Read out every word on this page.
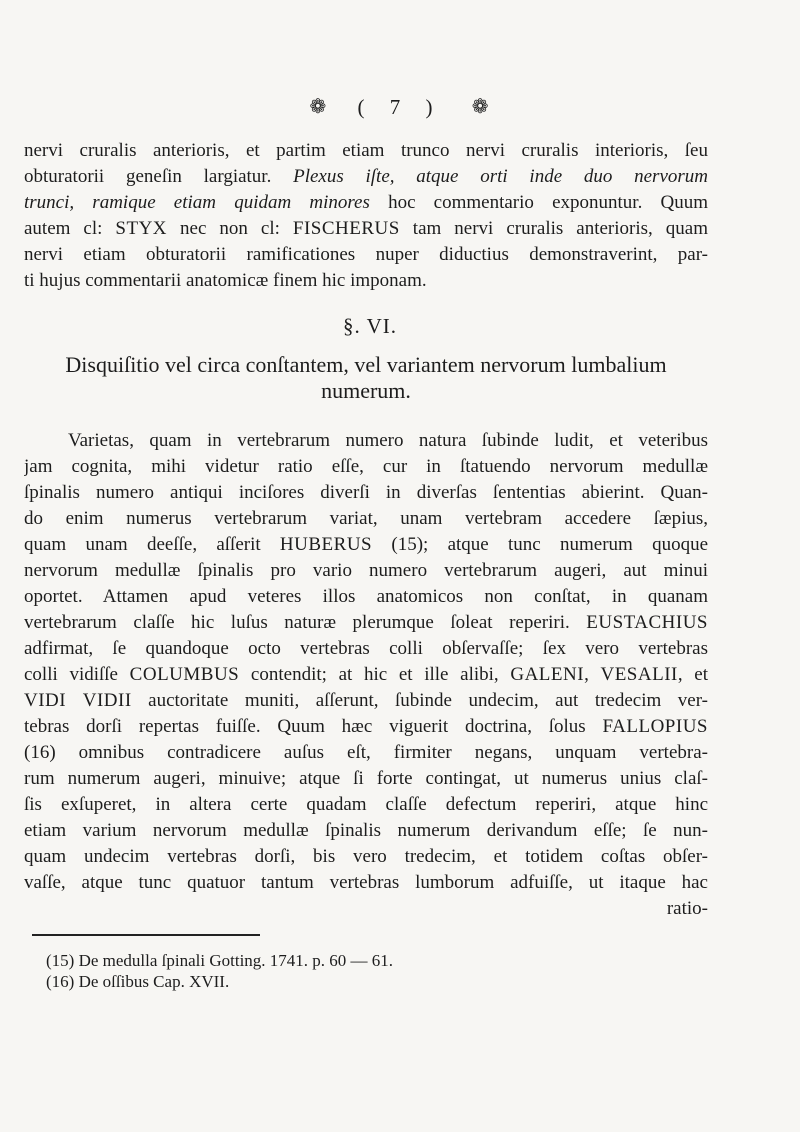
❁ ( 7 ) ❁
nervi cruralis anterioris, et partim etiam trunco nervi cruralis interioris, ſeu
obturatorii geneſin largiatur. Plexus iſte, atque orti inde duo nervorum
trunci, ramique etiam quidam minores hoc commentario exponuntur. Quum
autem cl: STYX nec non cl: FISCHERUS tam nervi cruralis anterioris, quam
nervi etiam obturatorii ramificationes nuper diductius demonstraverint, par-
ti hujus commentarii anatomicæ finem hic imponam.
§. VI.
Disquiſitio vel circa conſtantem, vel variantem nervorum lumbalium
numerum.
Varietas, quam in vertebrarum numero natura ſubinde ludit, et veteribus
jam cognita, mihi videtur ratio eſſe, cur in ſtatuendo nervorum medullæ
ſpinalis numero antiqui inciſores diverſi in diverſas ſententias abierint. Quan-
do enim numerus vertebrarum variat, unam vertebram accedere ſæpius,
quam unam deeſſe, aſſerit HUBERUS (15); atque tunc numerum quoque
nervorum medullæ ſpinalis pro vario numero vertebrarum augeri, aut minui
oportet. Attamen apud veteres illos anatomicos non conſtat, in quanam
vertebrarum claſſe hic luſus naturæ plerumque ſoleat reperiri. EUSTACHIUS
adfirmat, ſe quandoque octo vertebras colli obſervaſſe; ſex vero vertebras
colli vidiſſe COLUMBUS contendit; at hic et ille alibi, GALENI, VESALII, et
VIDI VIDII auctoritate muniti, aſſerunt, ſubinde undecim, aut tredecim ver-
tebras dorſi repertas fuiſſe. Quum hæc viguerit doctrina, ſolus FALLOPIUS
(16) omnibus contradicere auſus eſt, firmiter negans, unquam vertebra-
rum numerum augeri, minuive; atque ſi forte contingat, ut numerus unius claſ-
ſis exſuperet, in altera certe quadam claſſe defectum reperiri, atque hinc
etiam varium nervorum medullæ ſpinalis numerum derivandum eſſe; ſe nun-
quam undecim vertebras dorſi, bis vero tredecim, et totidem coſtas obſer-
vaſſe, atque tunc quatuor tantum vertebras lumborum adfuiſſe, ut itaque hac
ratio-
(15) De medulla ſpinali Gotting. 1741. p. 60 — 61.
(16) De oſſibus Cap. XVII.
